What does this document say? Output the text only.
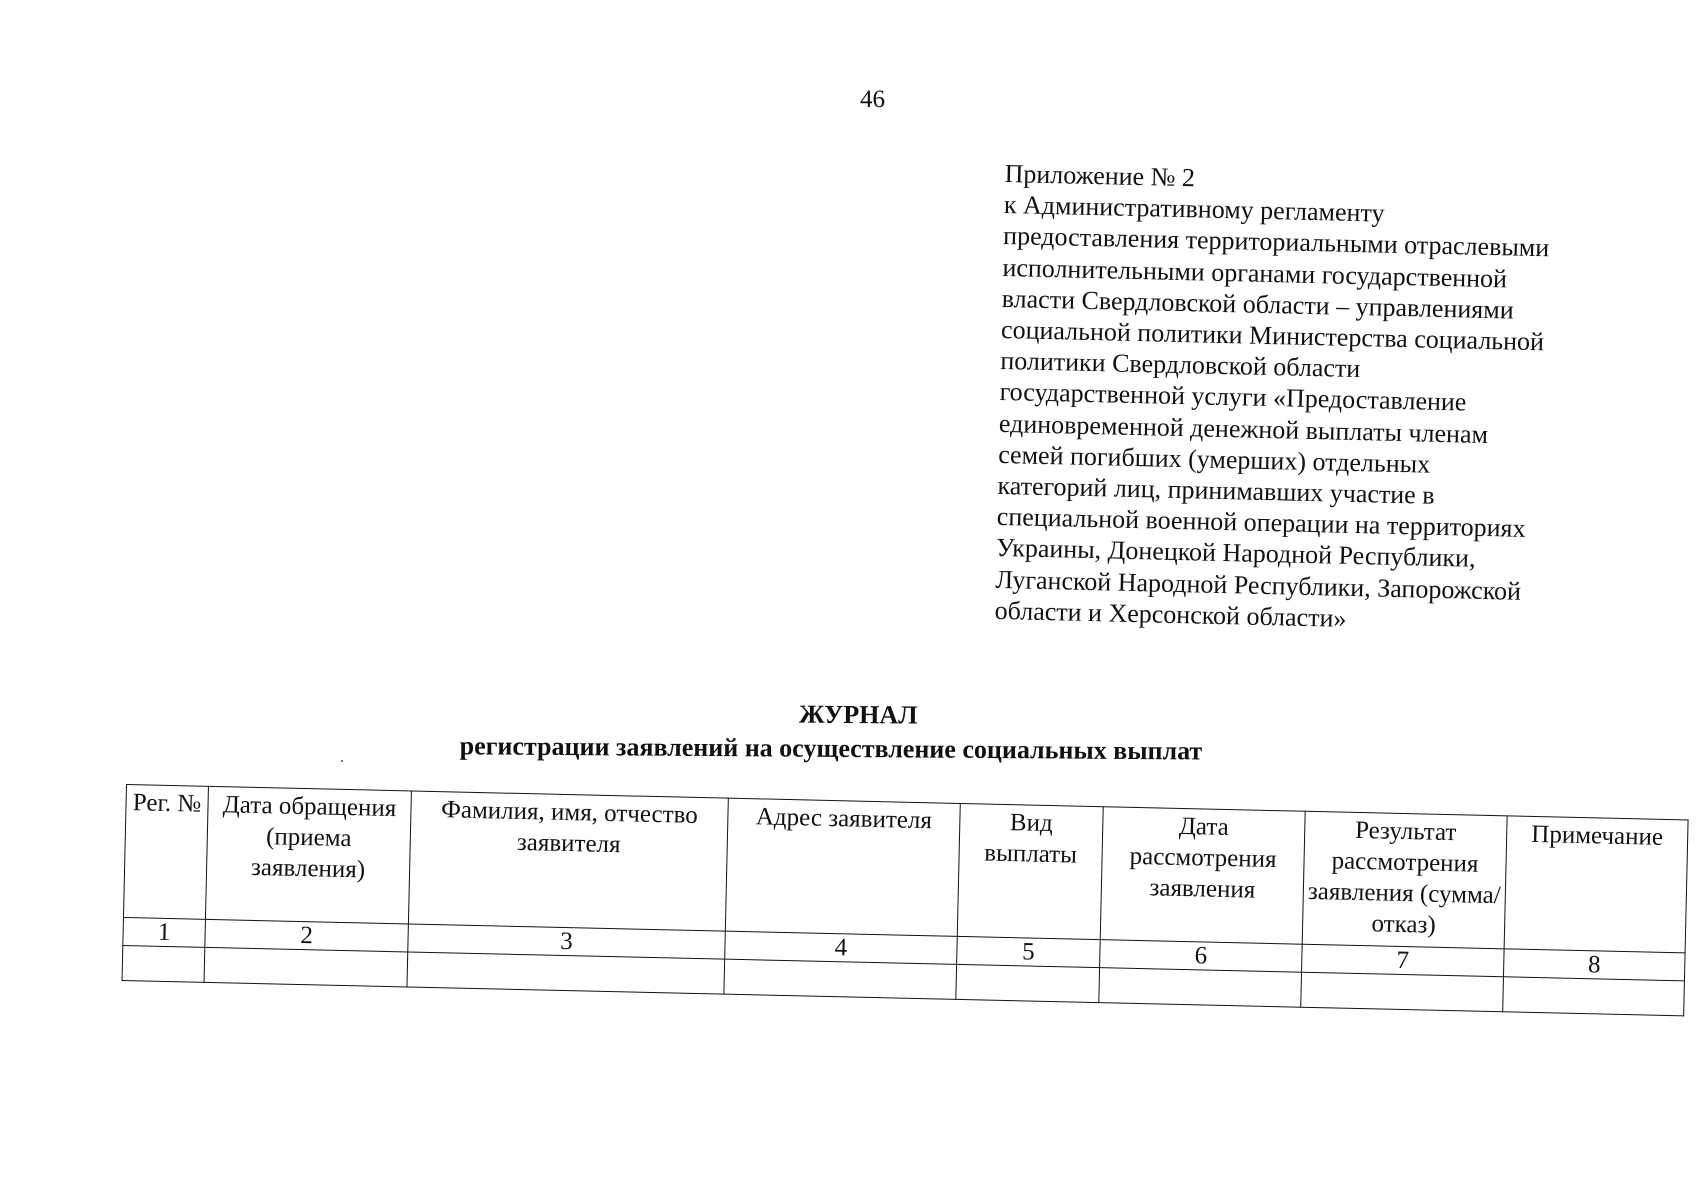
46
Приложение № 2
к Административному регламенту
предоставления территориальными отраслевыми
исполнительными органами государственной
власти Свердловской области – управлениями
социальной политики Министерства социальной
политики Свердловской области
государственной услуги «Предоставление
единовременной денежной выплаты членам
семей погибших (умерших) отдельных
категорий лиц, принимавших участие в
специальной военной операции на территориях
Украины, Донецкой Народной Республики,
Луганской Народной Республики, Запорожской
области и Херсонской области»
ЖУРНАЛ
регистрации заявлений на осуществление социальных выплат
Рег. №	Дата обращения (приема заявления)	Фамилия, имя, отчество заявителя	Адрес заявителя	Вид выплаты	Дата рассмотрения заявления	Результат рассмотрения заявления (сумма/отказ)	Примечание
1	2	3	4	5	6	7	8
